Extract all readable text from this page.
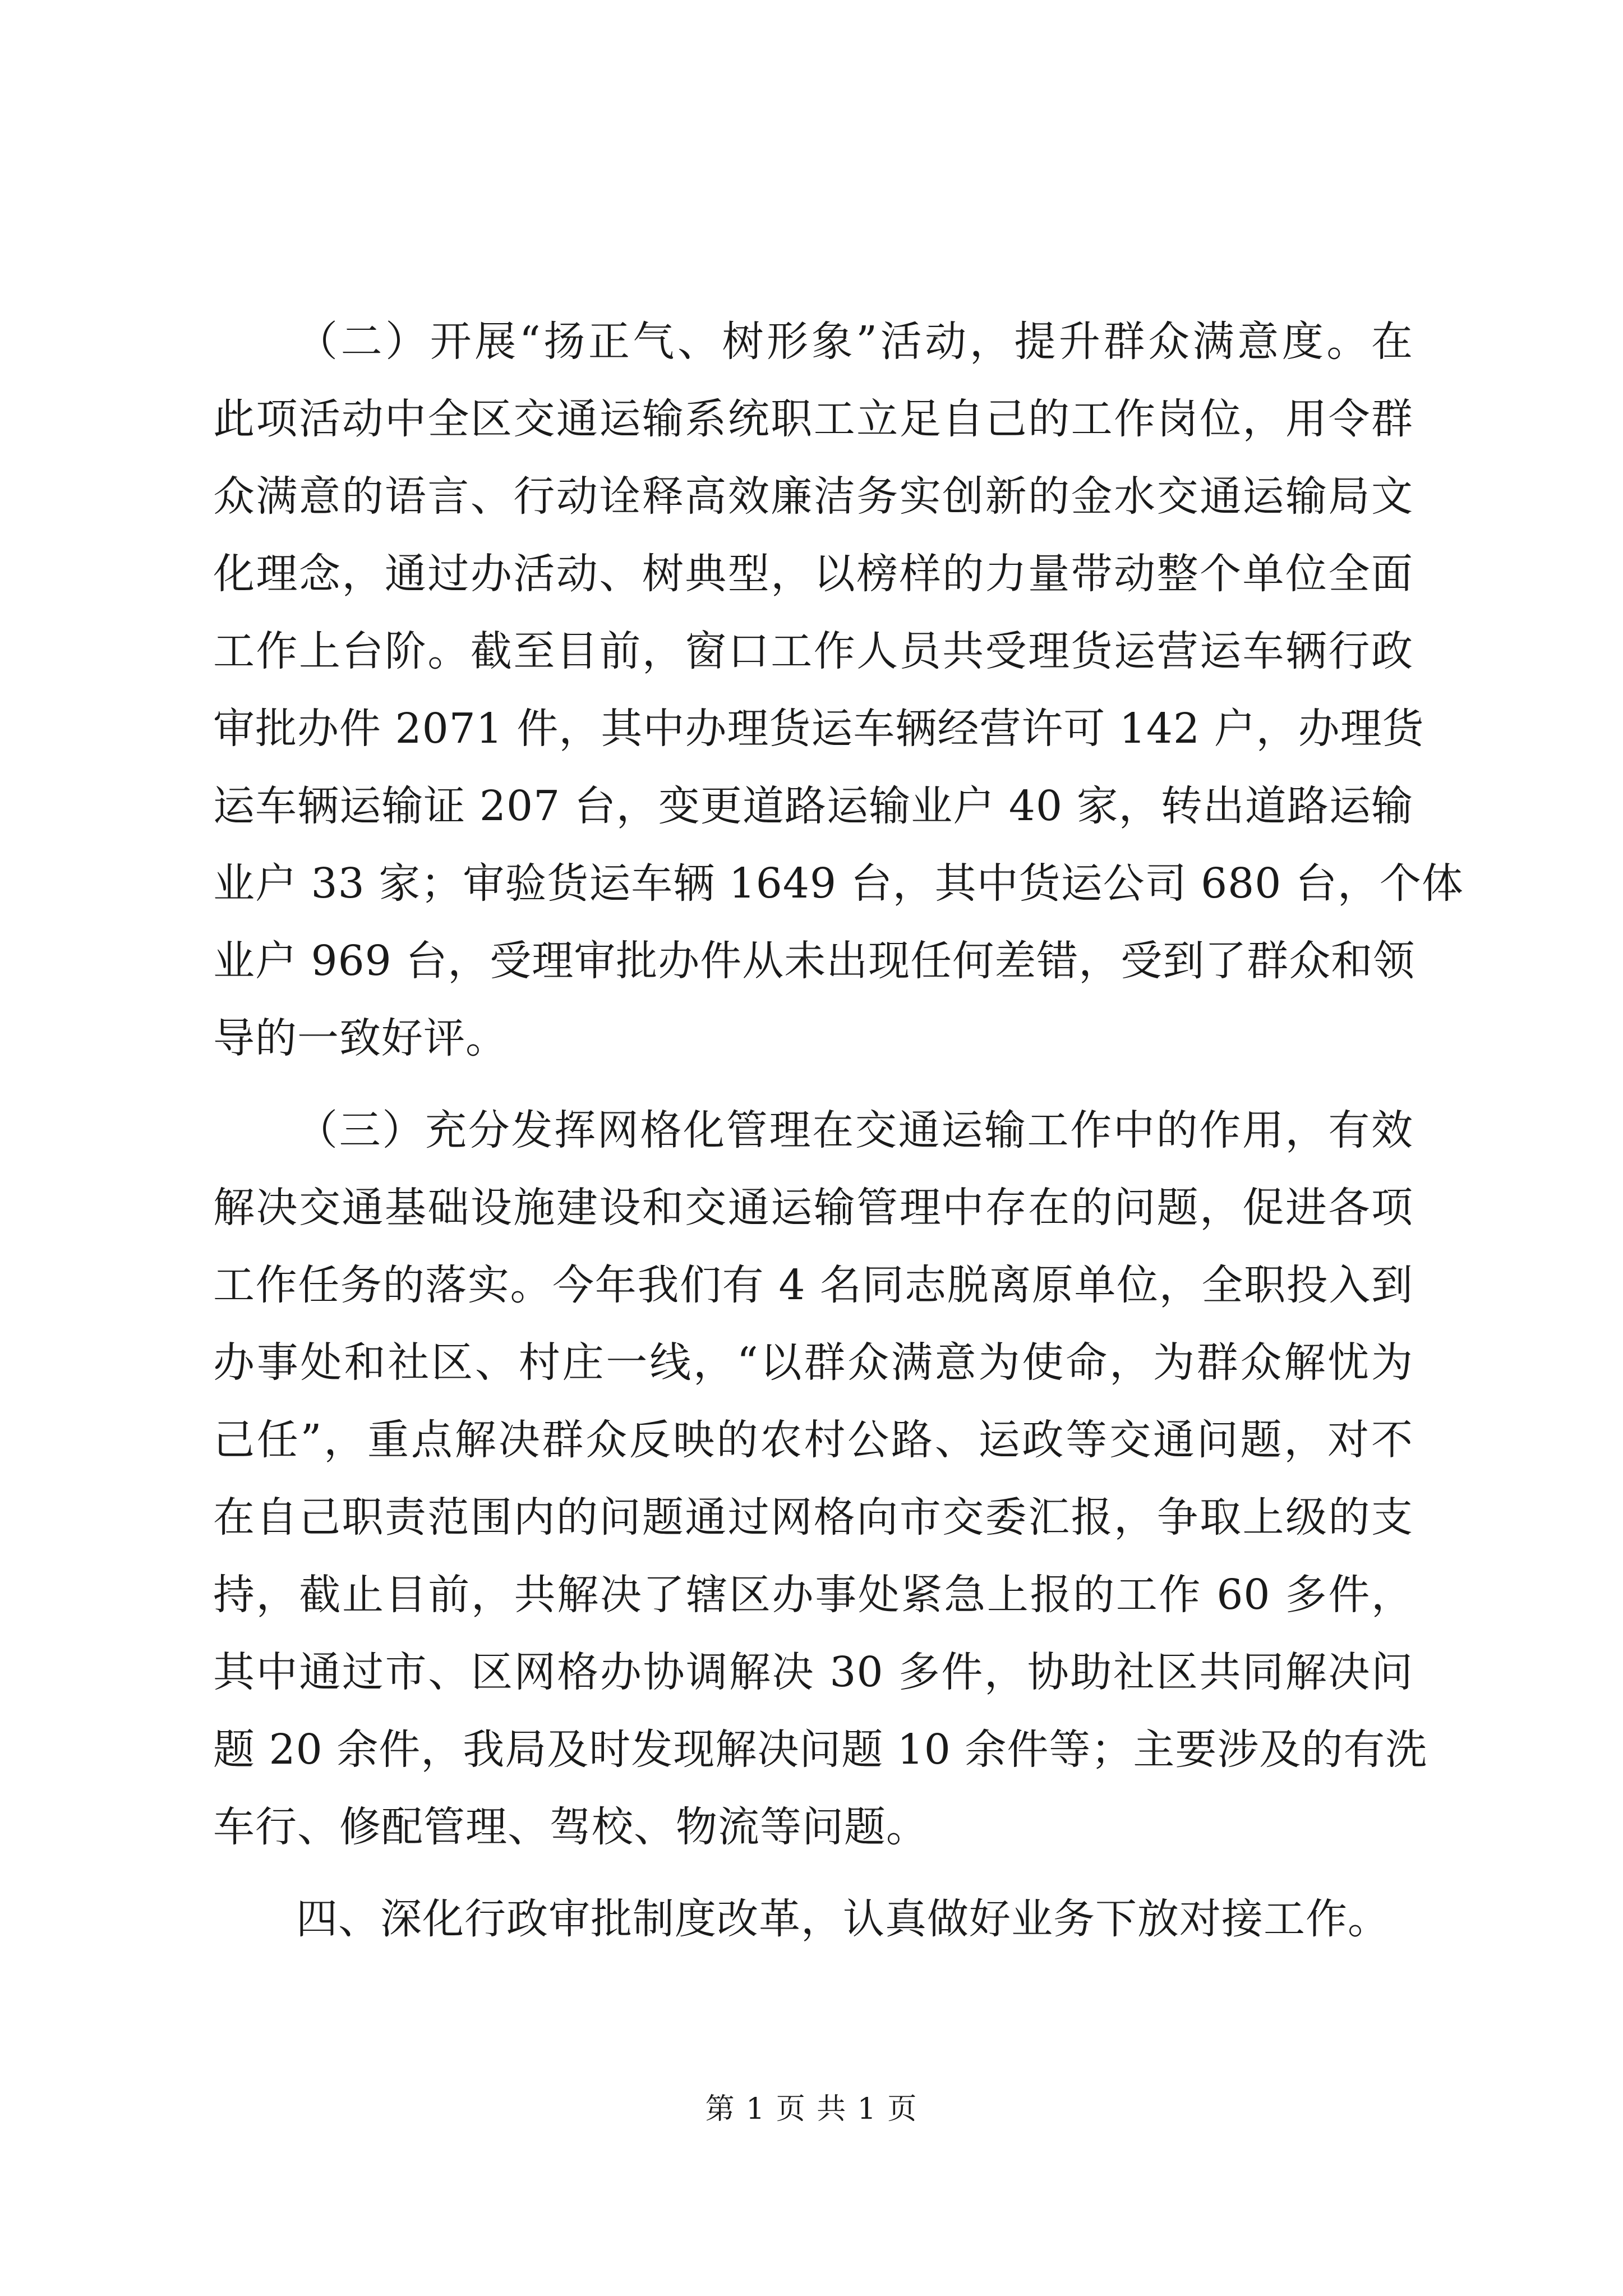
（二）开展“扬正气、树形象”活动，提升群众满意度。在
此项活动中全区交通运输系统职工立足自己的工作岗位，用令群
众满意的语言、行动诠释高效廉洁务实创新的金水交通运输局文
化理念，通过办活动、树典型，以榜样的力量带动整个单位全面
工作上台阶。截至目前，窗口工作人员共受理货运营运车辆行政
审批办件 2071 件，其中办理货运车辆经营许可 142 户，办理货
运车辆运输证 207 台，变更道路运输业户 40 家，转出道路运输
业户 33 家；审验货运车辆 1649 台，其中货运公司 680 台，个体
业户 969 台，受理审批办件从未出现任何差错，受到了群众和领
导的一致好评。
（三）充分发挥网格化管理在交通运输工作中的作用，有效
解决交通基础设施建设和交通运输管理中存在的问题，促进各项
工作任务的落实。今年我们有 4 名同志脱离原单位，全职投入到
办事处和社区、村庄一线，“以群众满意为使命，为群众解忧为
己任”，重点解决群众反映的农村公路、运政等交通问题，对不
在自己职责范围内的问题通过网格向市交委汇报，争取上级的支
持，截止目前，共解决了辖区办事处紧急上报的工作 60 多件，
其中通过市、区网格办协调解决 30 多件，协助社区共同解决问
题 20 余件，我局及时发现解决问题 10 余件等；主要涉及的有洗
车行、修配管理、驾校、物流等问题。
四、深化行政审批制度改革，认真做好业务下放对接工作。
第 1 页 共 1 页
